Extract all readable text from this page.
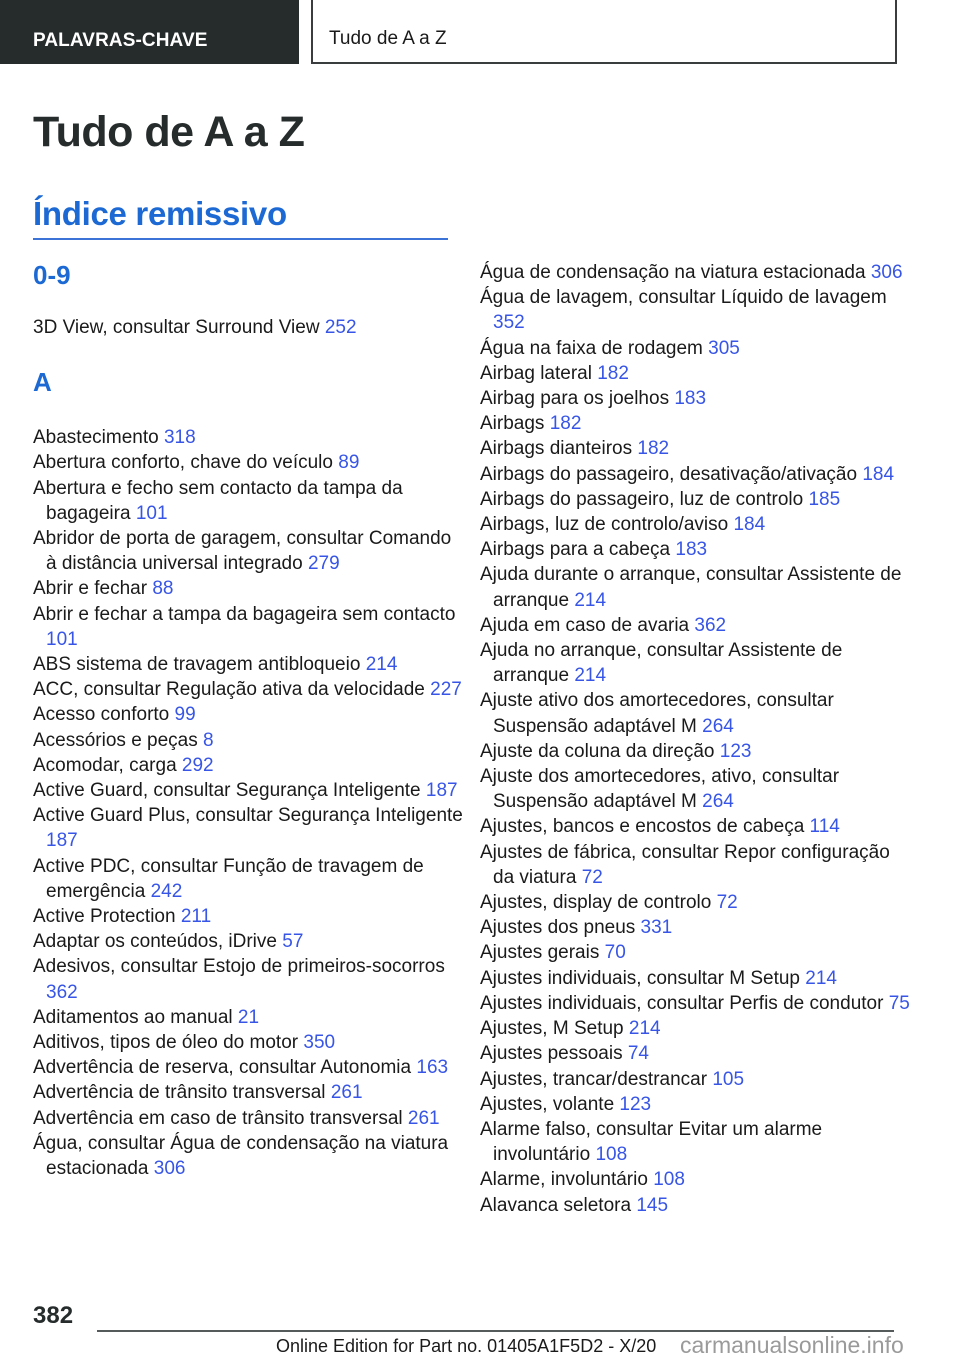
PALAVRAS-CHAVE	Tudo de A a Z
Tudo de A a Z
Índice remissivo
0-9
3D View, consultar Surround View 252
A
Abastecimento 318
Abertura conforto, chave do veículo 89
Abertura e fecho sem contacto da tampa da bagageira 101
Abridor de porta de garagem, consultar Comando à distância universal integrado 279
Abrir e fechar 88
Abrir e fechar a tampa da bagageira sem contacto 101
ABS sistema de travagem antibloqueio 214
ACC, consultar Regulação ativa da velocidade 227
Acesso conforto 99
Acessórios e peças 8
Acomodar, carga 292
Active Guard, consultar Segurança Inteligente 187
Active Guard Plus, consultar Segurança Inteligente 187
Active PDC, consultar Função de travagem de emergência 242
Active Protection 211
Adaptar os conteúdos, iDrive 57
Adesivos, consultar Estojo de primeiros-socorros 362
Aditamentos ao manual 21
Aditivos, tipos de óleo do motor 350
Advertência de reserva, consultar Autonomia 163
Advertência de trânsito transversal 261
Advertência em caso de trânsito transversal 261
Água, consultar Água de condensação na viatura estacionada 306
Água de condensação na viatura estacionada 306
Água de lavagem, consultar Líquido de lavagem 352
Água na faixa de rodagem 305
Airbag lateral 182
Airbag para os joelhos 183
Airbags 182
Airbags dianteiros 182
Airbags do passageiro, desativação/ativação 184
Airbags do passageiro, luz de controlo 185
Airbags, luz de controlo/aviso 184
Airbags para a cabeça 183
Ajuda durante o arranque, consultar Assistente de arranque 214
Ajuda em caso de avaria 362
Ajuda no arranque, consultar Assistente de arranque 214
Ajuste ativo dos amortecedores, consultar Suspensão adaptável M 264
Ajuste da coluna da direção 123
Ajuste dos amortecedores, ativo, consultar Suspensão adaptável M 264
Ajustes, bancos e encostos de cabeça 114
Ajustes de fábrica, consultar Repor configuração da viatura 72
Ajustes, display de controlo 72
Ajustes dos pneus 331
Ajustes gerais 70
Ajustes individuais, consultar M Setup 214
Ajustes individuais, consultar Perfis de condutor 75
Ajustes, M Setup 214
Ajustes pessoais 74
Ajustes, trancar/destrancar 105
Ajustes, volante 123
Alarme falso, consultar Evitar um alarme involuntário 108
Alarme, involuntário 108
Alavanca seletora 145
382
Online Edition for Part no. 01405A1F5D2 - X/20 carmanualsonline.info
